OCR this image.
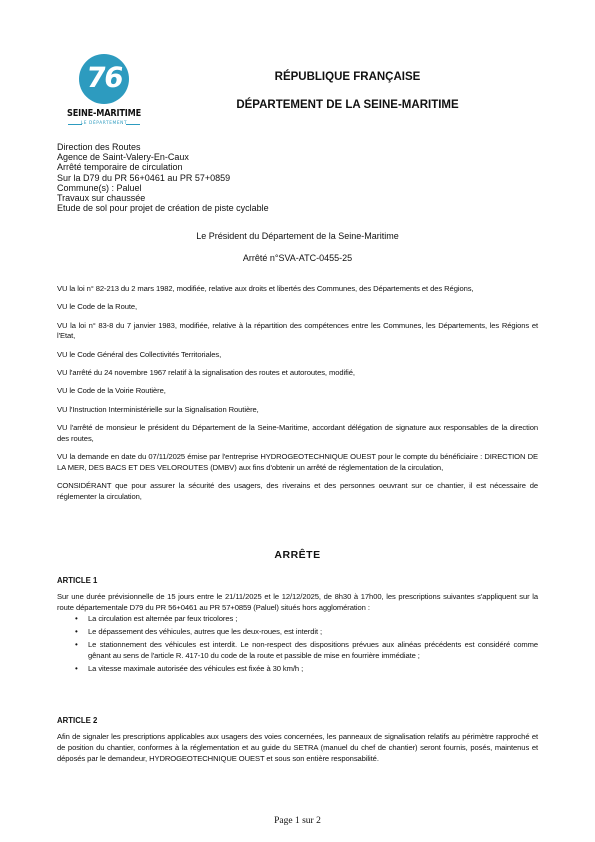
76
SEINE-MARITIME
LE DÉPARTEMENT
RÉPUBLIQUE FRANÇAISE
DÉPARTEMENT DE LA SEINE-MARITIME
Direction des Routes
Agence de Saint-Valery-En-Caux
Arrêté temporaire de circulation
Sur la D79 du PR 56+0461 au PR 57+0859
Commune(s) : Paluel
Travaux sur chaussée
Etude de sol pour projet de création de piste cyclable
Le Président du Département de la Seine-Maritime
Arrêté n°SVA-ATC-0455-25

VU la loi n° 82-213 du 2 mars 1982, modifiée, relative aux droits et libertés des Communes, des Départements et des Régions,

VU le Code de la Route,

VU la loi n° 83-8 du 7 janvier 1983, modifiée, relative à la répartition des compétences entre les Communes, les Départements, les Régions et l'Etat,

VU le Code Général des Collectivités Territoriales,

VU l'arrêté du 24 novembre 1967 relatif à la signalisation des routes et autoroutes, modifié,

VU le Code de la Voirie Routière,

VU l'Instruction Interministérielle sur la Signalisation Routière,

VU l'arrêté de monsieur le président du Département de la Seine-Maritime, accordant délégation de signature aux responsables de la direction des routes,

VU la demande en date du 07/11/2025 émise par l'entreprise HYDROGEOTECHNIQUE OUEST pour le compte du bénéficiaire : DIRECTION DE LA MER, DES BACS ET DES VELOROUTES (DMBV) aux fins d'obtenir un arrêté de réglementation de la circulation,

CONSIDÉRANT que pour assurer la sécurité des usagers, des riverains et des personnes oeuvrant sur ce chantier, il est nécessaire de réglementer la circulation,

ARRÊTE
ARTICLE 1

Sur une durée prévisionnelle de 15 jours entre le 21/11/2025 et le 12/12/2025, de 8h30 à 17h00, les prescriptions suivantes s'appliquent sur la route départementale D79 du PR 56+0461 au PR 57+0859 (Paluel) situés hors agglomération :

• La circulation est alternée par feux tricolores ;
• Le dépassement des véhicules, autres que les deux-roues, est interdit ;
• Le stationnement des véhicules est interdit. Le non-respect des dispositions prévues aux alinéas précédents est considéré comme gênant au sens de l'article R. 417-10 du code de la route et passible de mise en fourrière immédiate ;
• La vitesse maximale autorisée des véhicules est fixée à 30 km/h ;
ARTICLE 2
Afin de signaler les prescriptions applicables aux usagers des voies concernées, les panneaux de signalisation relatifs au périmètre rapproché et de position du chantier, conformes à la réglementation et au guide du SETRA (manuel du chef de chantier) seront fournis, posés, maintenus et déposés par le demandeur, HYDROGEOTECHNIQUE OUEST et sous son entière responsabilité.
Page 1 sur 2
